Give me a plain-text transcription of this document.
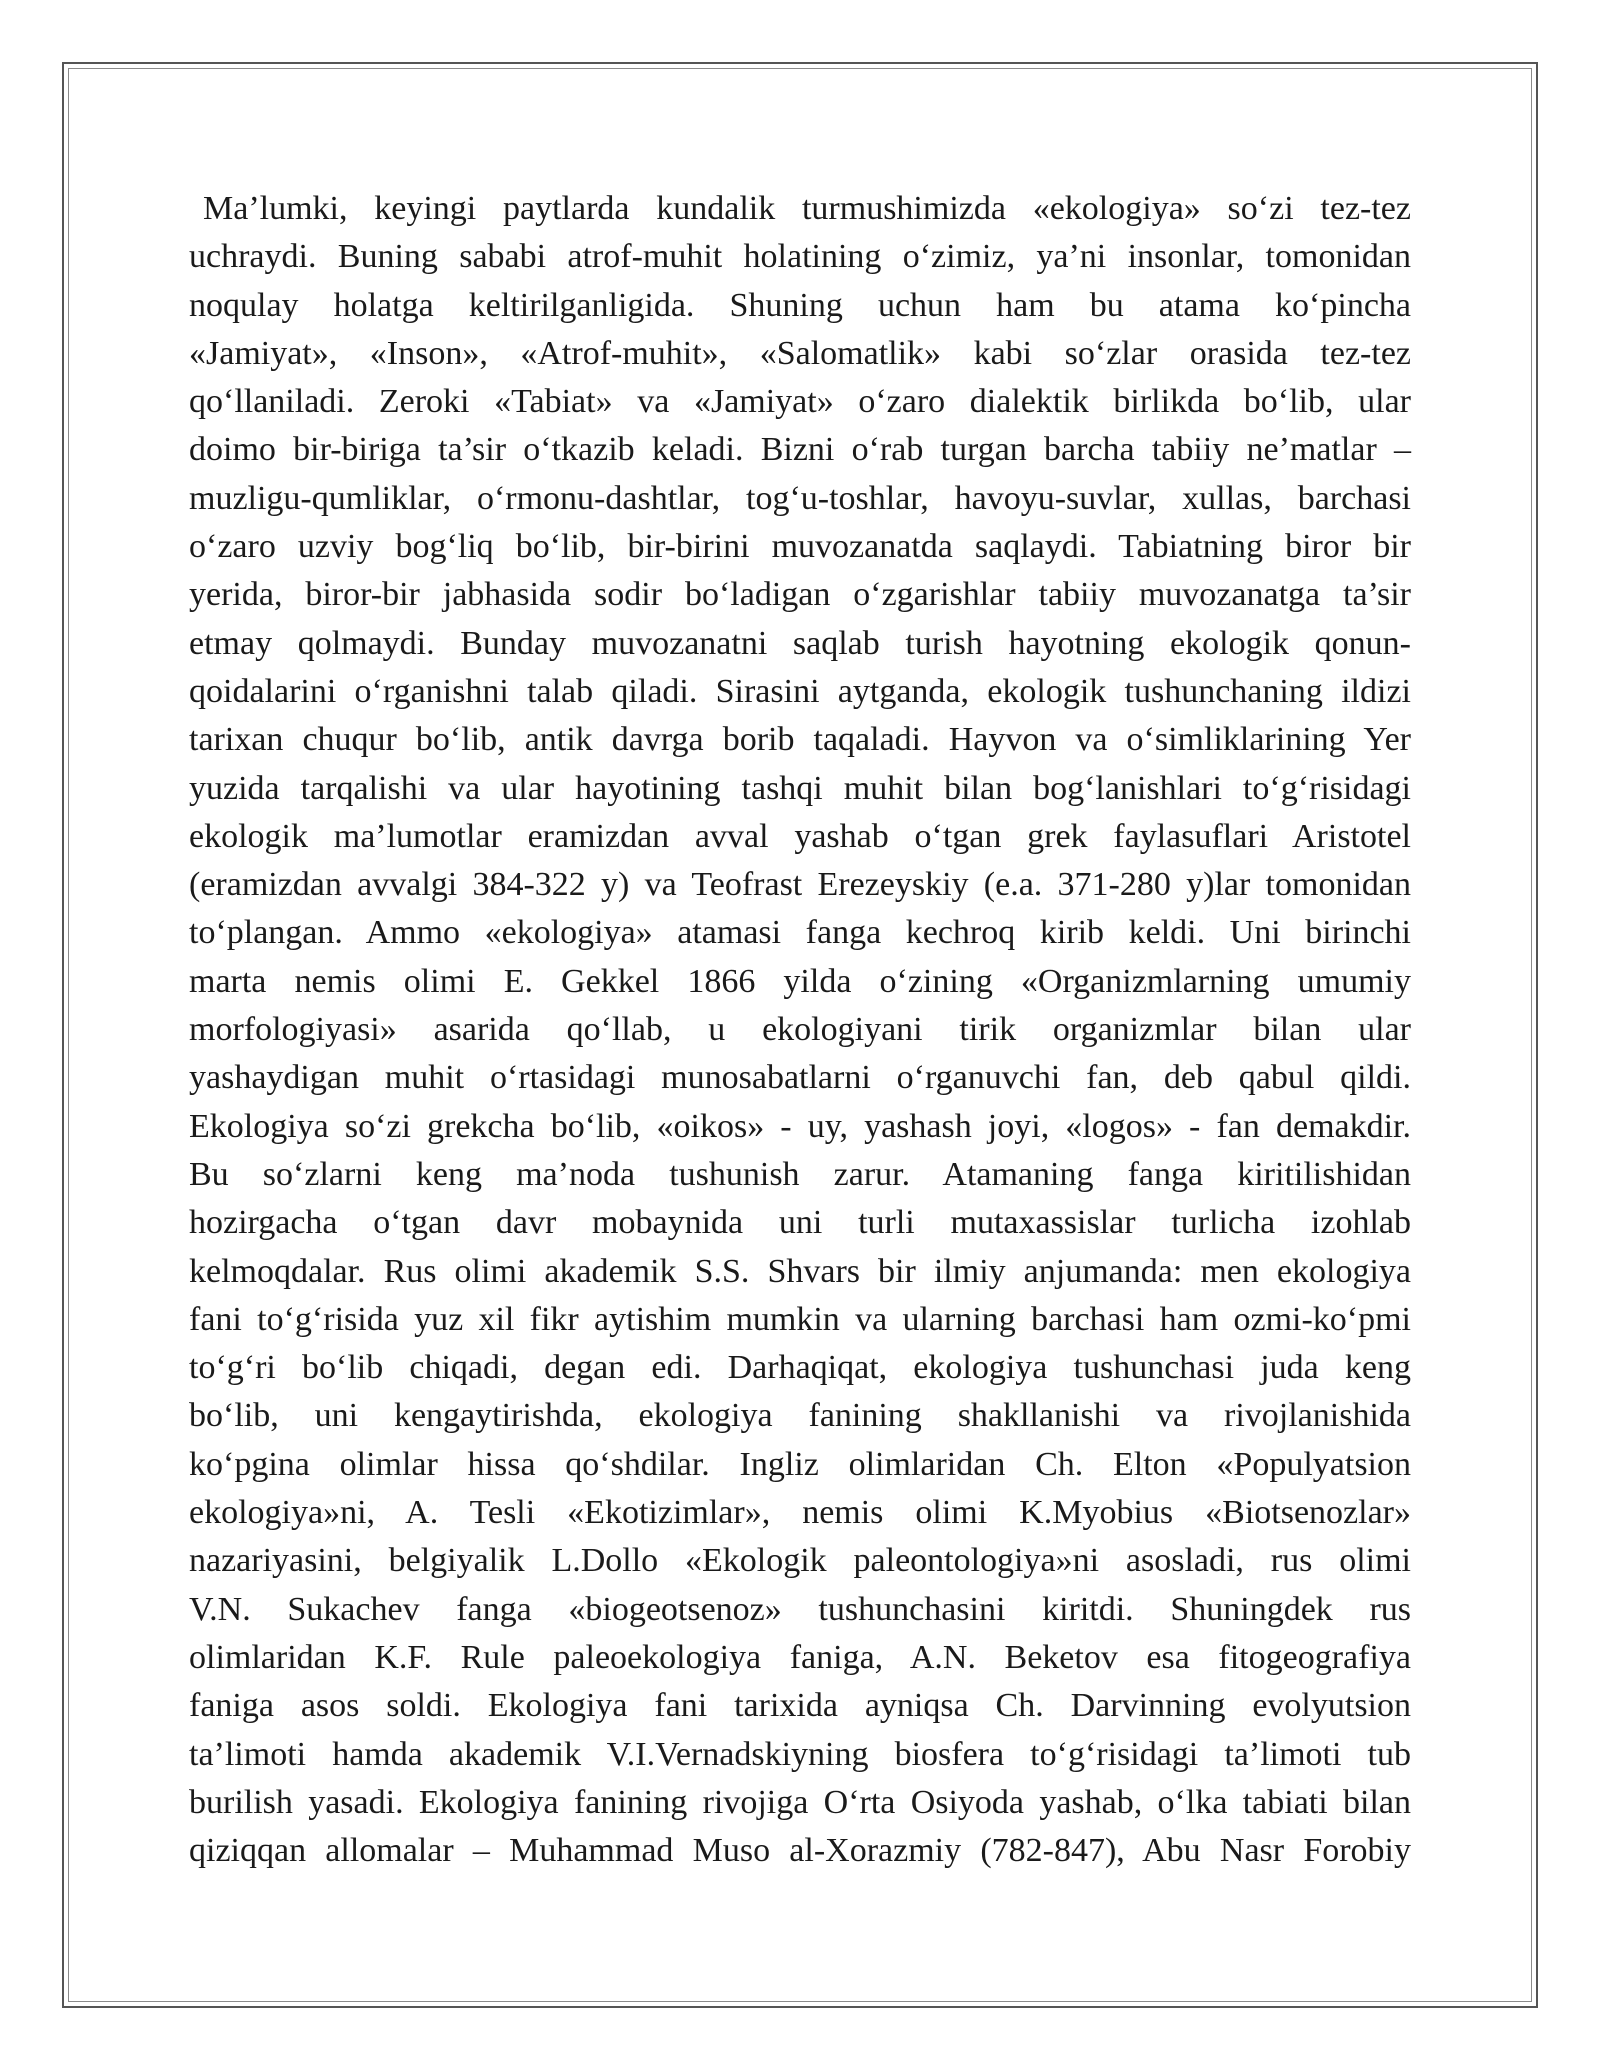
Ma’lumki, keyingi paytlarda kundalik turmushimizda «ekologiya» so‘zi tez-tez
uchraydi. Buning sababi atrof-muhit holatining o‘zimiz, ya’ni insonlar, tomonidan
noqulay holatga keltirilganligida. Shuning uchun ham bu atama ko‘pincha
«Jamiyat», «Inson», «Atrof-muhit», «Salomatlik» kabi so‘zlar orasida tez-tez
qo‘llaniladi. Zeroki «Tabiat» va «Jamiyat» o‘zaro dialektik birlikda bo‘lib, ular
doimo bir-biriga ta’sir o‘tkazib keladi. Bizni o‘rab turgan barcha tabiiy ne’matlar –
muzligu-qumliklar, o‘rmonu-dashtlar, tog‘u-toshlar, havoyu-suvlar, xullas, barchasi
o‘zaro uzviy bog‘liq bo‘lib, bir-birini muvozanatda saqlaydi. Tabiatning biror bir
yerida, biror-bir jabhasida sodir bo‘ladigan o‘zgarishlar tabiiy muvozanatga ta’sir
etmay qolmaydi. Bunday muvozanatni saqlab turish hayotning ekologik qonun-
qoidalarini o‘rganishni talab qiladi. Sirasini aytganda, ekologik tushunchaning ildizi
tarixan chuqur bo‘lib, antik davrga borib taqaladi. Hayvon va o‘simliklarining Yer
yuzida tarqalishi va ular hayotining tashqi muhit bilan bog‘lanishlari to‘g‘risidagi
ekologik ma’lumotlar eramizdan avval yashab o‘tgan grek faylasuflari Aristotel
(eramizdan avvalgi 384-322 y) va Teofrast Erezeyskiy (e.a. 371-280 y)lar tomonidan
to‘plangan. Ammo «ekologiya» atamasi fanga kechroq kirib keldi. Uni birinchi
marta nemis olimi E. Gekkel 1866 yilda o‘zining «Organizmlarning umumiy
morfologiyasi» asarida qo‘llab, u ekologiyani tirik organizmlar bilan ular
yashaydigan muhit o‘rtasidagi munosabatlarni o‘rganuvchi fan, deb qabul qildi.
Ekologiya so‘zi grekcha bo‘lib, «oikos» - uy, yashash joyi, «logos» - fan demakdir.
Bu so‘zlarni keng ma’noda tushunish zarur. Atamaning fanga kiritilishidan
hozirgacha o‘tgan davr mobaynida uni turli mutaxassislar turlicha izohlab
kelmoqdalar. Rus olimi akademik S.S. Shvars bir ilmiy anjumanda: men ekologiya
fani to‘g‘risida yuz xil fikr aytishim mumkin va ularning barchasi ham ozmi-ko‘pmi
to‘g‘ri bo‘lib chiqadi, degan edi. Darhaqiqat, ekologiya tushunchasi juda keng
bo‘lib, uni kengaytirishda, ekologiya fanining shakllanishi va rivojlanishida
ko‘pgina olimlar hissa qo‘shdilar. Ingliz olimlaridan Ch. Elton «Populyatsion
ekologiya»ni, A. Tesli «Ekotizimlar», nemis olimi K.Myobius «Biotsenozlar»
nazariyasini, belgiyalik L.Dollo «Ekologik paleontologiya»ni asosladi, rus olimi
V.N. Sukachev fanga «biogeotsenoz» tushunchasini kiritdi. Shuningdek rus
olimlaridan K.F. Rule paleoekologiya faniga, A.N. Beketov esa fitogeografiya
faniga asos soldi. Ekologiya fani tarixida ayniqsa Ch. Darvinning evolyutsion
ta’limoti hamda akademik V.I.Vernadskiyning biosfera to‘g‘risidagi ta’limoti tub
burilish yasadi. Ekologiya fanining rivojiga O‘rta Osiyoda yashab, o‘lka tabiati bilan
qiziqqan allomalar – Muhammad Muso al-Xorazmiy (782-847), Abu Nasr Forobiy
